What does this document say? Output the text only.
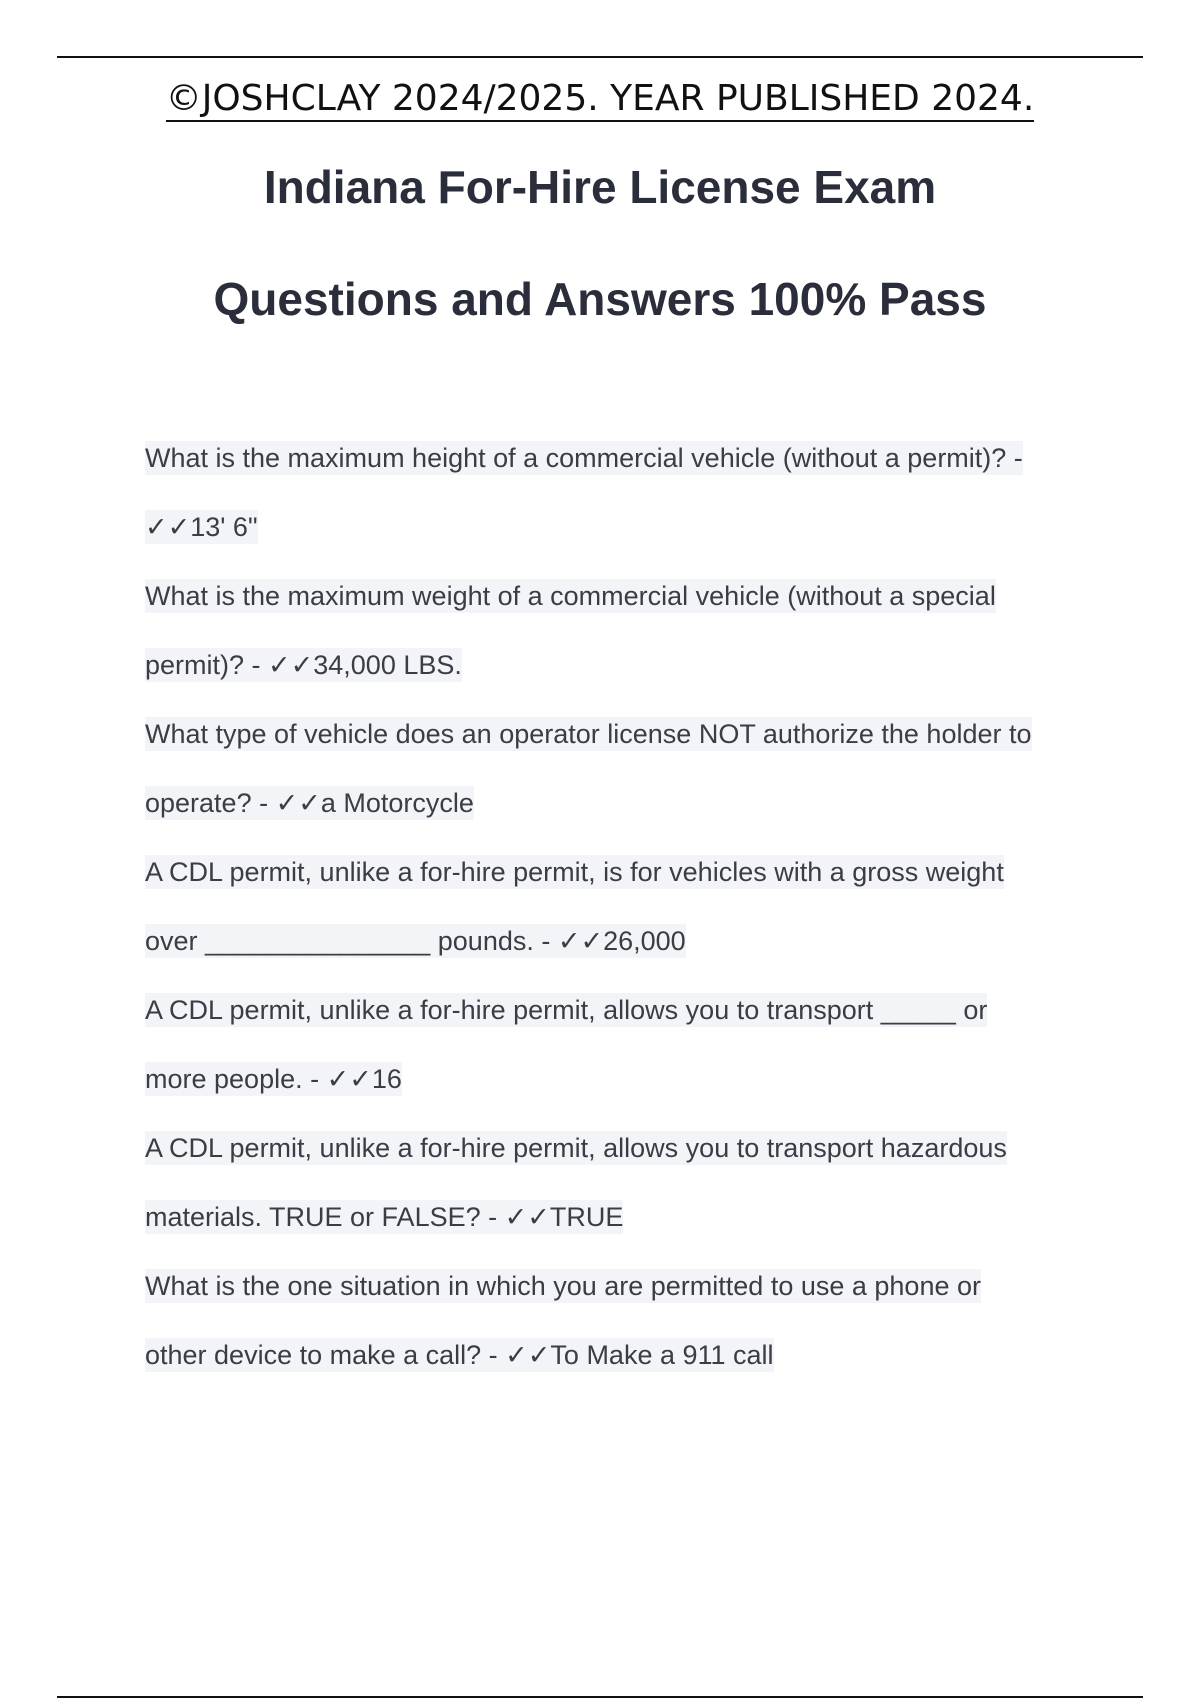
©JOSHCLAY 2024/2025. YEAR PUBLISHED 2024.
Indiana For-Hire License Exam
Questions and Answers 100% Pass
What is the maximum height of a commercial vehicle (without a permit)? -
✓✓13' 6"
What is the maximum weight of a commercial vehicle (without a special
permit)? - ✓✓34,000 LBS.
What type of vehicle does an operator license NOT authorize the holder to
operate? - ✓✓a Motorcycle
A CDL permit, unlike a for-hire permit, is for vehicles with a gross weight
over _______________ pounds. - ✓✓26,000
A CDL permit, unlike a for-hire permit, allows you to transport _____ or
more people. - ✓✓16
A CDL permit, unlike a for-hire permit, allows you to transport hazardous
materials. TRUE or FALSE? - ✓✓TRUE
What is the one situation in which you are permitted to use a phone or
other device to make a call? - ✓✓To Make a 911 call
